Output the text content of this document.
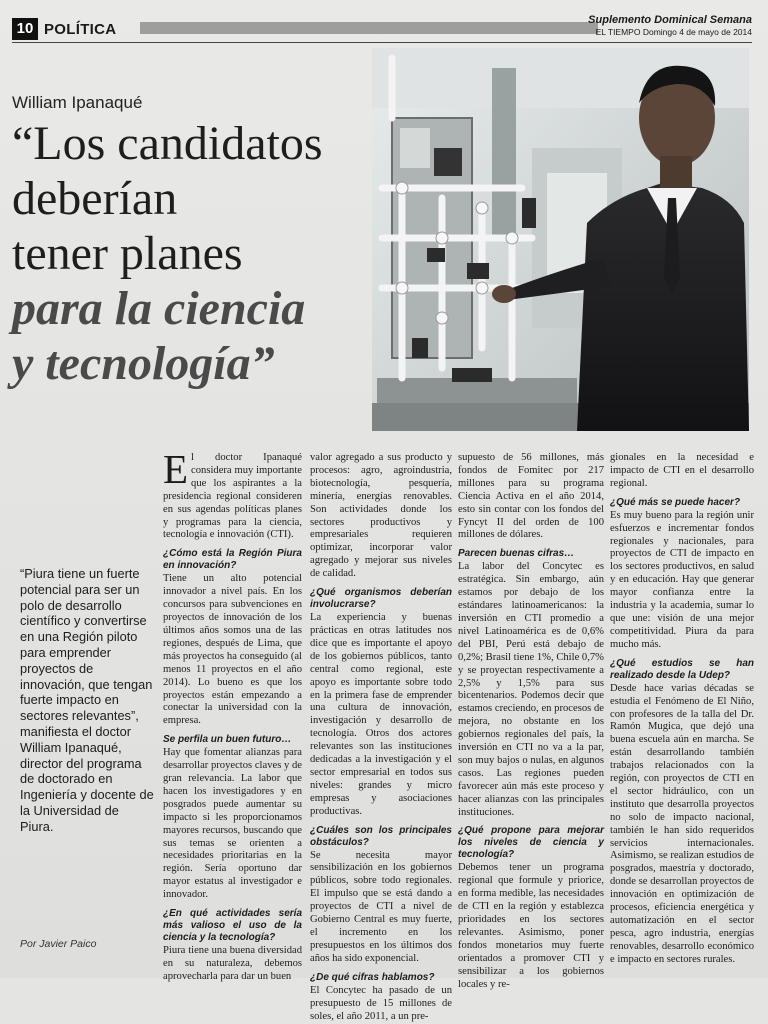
10 POLÍTICA
Suplemento Dominical Semana
EL TIEMPO Domingo 4 de mayo de 2014
William Ipanaqué
“Los candidatos
deberían
tener planes
para la ciencia
y tecnología”
“Piura tiene un fuerte potencial para ser un polo de desarrollo científico y convertirse en una Región piloto para emprender proyectos de innovación, que tengan fuerte impacto en sectores relevantes”, manifiesta el doctor William Ipanaqué, director del programa de doctorado en Ingeniería y docente de la Universidad de Piura.
Por Javier Paico

El doctor Ipanaqué considera muy importante que los aspirantes a la presidencia regional consideren en sus agendas políticas planes y programas para la ciencia, tecnología e innovación (CTI).

¿Cómo está la Región Piura en innovación?

Tiene un alto potencial innovador a nivel país. En los concursos para subvenciones en proyectos de innovación de los últimos años somos una de las regiones, después de Lima, que más proyectos ha conseguido (al menos 11 proyectos en el año 2014). Lo bueno es que los proyectos están empezando a conectar la universidad con la empresa.

Se perfila un buen futuro…

Hay que fomentar alianzas para desarrollar proyectos claves y de gran relevancia. La labor que hacen los investigadores y en posgrados puede aumentar su impacto si les proporcionamos mayores recursos, buscando que sus temas se orienten a necesidades prioritarias en la región. Sería oportuno dar mayor estatus al investigador e innovador.

¿En qué actividades sería más valioso el uso de la ciencia y la tecnología?

Piura tiene una buena diversidad en su naturaleza, debemos aprovecharla para dar un buen

valor agregado a sus producto y procesos: agro, agroindustria, biotecnología, pesquería, minería, energías renovables. Son actividades donde los sectores productivos y empresariales requieren optimizar, incorporar valor agregado y mejorar sus niveles de calidad.

¿Qué organismos deberían involucrarse?

La experiencia y buenas prácticas en otras latitudes nos dice que es importante el apoyo de los gobiernos públicos, tanto central como regional, este apoyo es importante sobre todo en la primera fase de emprender una cultura de innovación, investigación y desarrollo de tecnología. Otros dos actores relevantes son las instituciones dedicadas a la investigación y el sector empresarial en todos sus niveles: grandes y micro empresas y asociaciones productivas.

¿Cuáles son los principales obstáculos?

Se necesita mayor sensibilización en los gobiernos públicos, sobre todo regionales. El impulso que se está dando a proyectos de CTI a nivel de Gobierno Central es muy fuerte, el incremento en los presupuestos en los últimos dos años ha sido exponencial.

¿De qué cifras hablamos?

El Concytec ha pasado de un presupuesto de 15 millones de soles, el año 2011, a un pre-

supuesto de 56 millones, más fondos de Fomitec por 217 millones para su programa Ciencia Activa en el año 2014, esto sin contar con los fondos del Fyncyt II del orden de 100 millones de dólares.

Parecen buenas cifras…

La labor del Concytec es estratégica. Sin embargo, aún estamos por debajo de los estándares latinoamericanos: la inversión en CTI promedio a nivel Latinoamérica es de 0,6% del PBI, Perú está debajo de 0,2%; Brasil tiene 1%, Chile 0,7% y se proyectan respectivamente a 2,5% y 1,5% para sus bicentenarios. Podemos decir que estamos creciendo, en procesos de mejora, no obstante en los gobiernos regionales del país, la inversión en CTI no va a la par, son muy bajos o nulas, en algunos casos. Las regiones pueden favorecer aún más este proceso y hacer alianzas con las principales instituciones.

¿Qué propone para mejorar los niveles de ciencia y tecnología?

Debemos tener un programa regional que formule y priorice, en forma medible, las necesidades de CTI en la región y establezca prioridades en los sectores relevantes. Asimismo, poner fondos monetarios muy fuerte orientados a promover CTI y sensibilizar a los gobiernos locales y re-

gionales en la necesidad e impacto de CTI en el desarrollo regional.

¿Qué más se puede hacer?

Es muy bueno para la región unir esfuerzos e incrementar fondos regionales y nacionales, para proyectos de CTI de impacto en los sectores productivos, en salud y en educación. Hay que generar mayor confianza entre la industria y la academia, sumar lo que une: visión de una mejor competitividad. Piura da para mucho más.

¿Qué estudios se han realizado desde la Udep?

Desde hace varias décadas se estudia el Fenómeno de El Niño, con profesores de la talla del Dr. Ramón Mugica, que dejó una buena escuela aún en marcha. Se están desarrollando también trabajos relacionados con la región, con proyectos de CTI en el sector hidráulico, con un instituto que desarrolla proyectos no solo de impacto nacional, también le han sido requeridos servicios internacionales. Asimismo, se realizan estudios de posgrados, maestría y doctorado, donde se desarrollan proyectos de innovación en optimización de procesos, eficiencia energética y automatización en el sector pesca, agro industria, energías renovables, desarrollo económico e impacto en sectores rurales.
